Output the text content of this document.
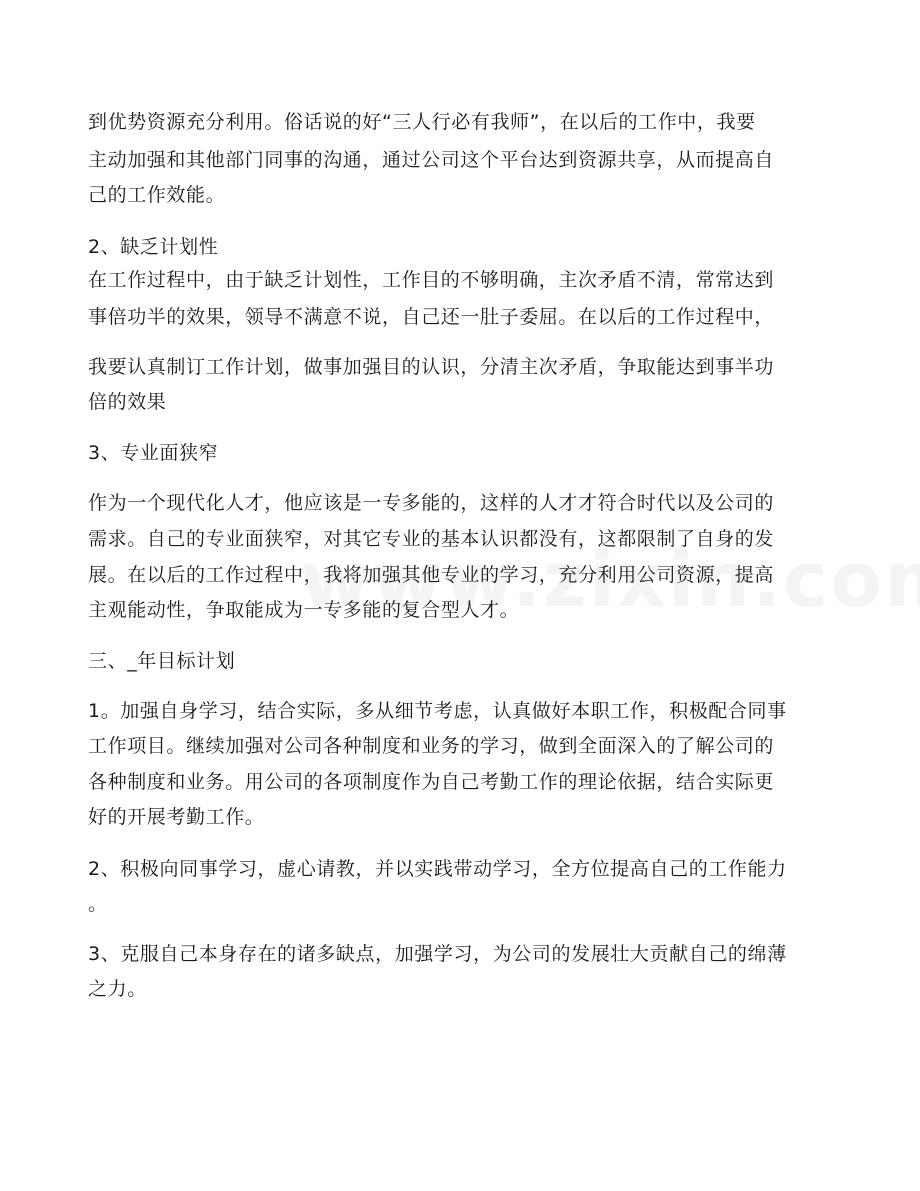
到优势资源充分利用。俗话说的好“三人行必有我师”，在以后的工作中，我要
主动加强和其他部门同事的沟通，通过公司这个平台达到资源共享，从而提高自
己的工作效能。
2、缺乏计划性
在工作过程中，由于缺乏计划性，工作目的不够明确，主次矛盾不清，常常达到
事倍功半的效果，领导不满意不说，自己还一肚子委屈。在以后的工作过程中，
我要认真制订工作计划，做事加强目的认识，分清主次矛盾，争取能达到事半功
倍的效果
3、专业面狭窄
作为一个现代化人才，他应该是一专多能的，这样的人才才符合时代以及公司的
需求。自己的专业面狭窄，对其它专业的基本认识都没有，这都限制了自身的发
展。在以后的工作过程中，我将加强其他专业的学习，充分利用公司资源，提高
主观能动性，争取能成为一专多能的复合型人才。
三、_年目标计划
1。加强自身学习，结合实际，多从细节考虑，认真做好本职工作，积极配合同事
工作项目。继续加强对公司各种制度和业务的学习，做到全面深入的了解公司的
各种制度和业务。用公司的各项制度作为自己考勤工作的理论依据，结合实际更
好的开展考勤工作。
2、积极向同事学习，虚心请教，并以实践带动学习，全方位提高自己的工作能力
。
3、克服自己本身存在的诸多缺点，加强学习，为公司的发展壮大贡献自己的绵薄
之力。
